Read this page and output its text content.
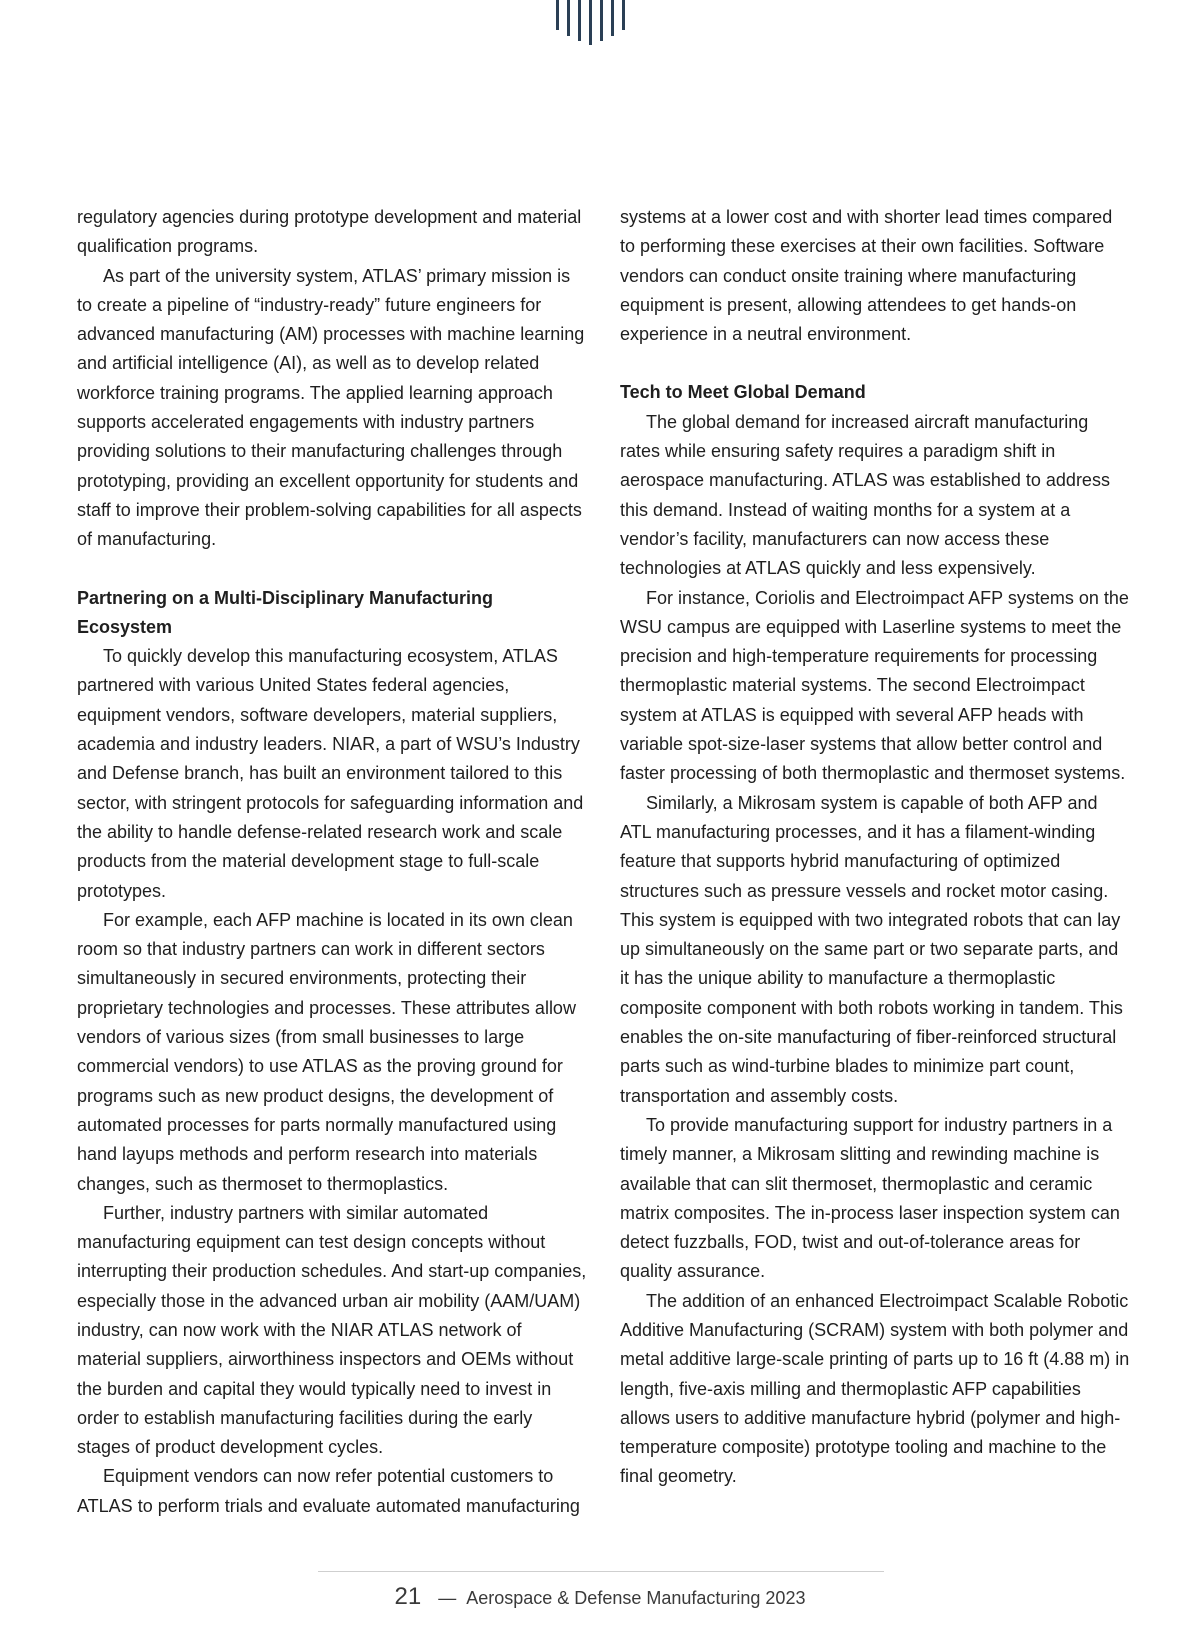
regulatory agencies during prototype development and material qualification programs.

As part of the university system, ATLAS’ primary mission is to create a pipeline of “industry-ready” future engineers for advanced manufacturing (AM) processes with machine learning and artificial intelligence (AI), as well as to develop related workforce training programs. The applied learning approach supports accelerated engagements with industry partners providing solutions to their manufacturing challenges through prototyping, providing an excellent opportunity for students and staff to improve their problem-solving capabilities for all aspects of manufacturing.

Partnering on a Multi-Disciplinary Manufacturing Ecosystem

To quickly develop this manufacturing ecosystem, ATLAS partnered with various United States federal agencies, equipment vendors, software developers, material suppliers, academia and industry leaders. NIAR, a part of WSU’s Industry and Defense branch, has built an environment tailored to this sector, with stringent protocols for safeguarding information and the ability to handle defense-related research work and scale products from the material development stage to full-scale prototypes.

For example, each AFP machine is located in its own clean room so that industry partners can work in different sectors simultaneously in secured environments, protecting their proprietary technologies and processes. These attributes allow vendors of various sizes (from small businesses to large commercial vendors) to use ATLAS as the proving ground for programs such as new product designs, the development of automated processes for parts normally manufactured using hand layups methods and perform research into materials changes, such as thermoset to thermoplastics.

Further, industry partners with similar automated manufacturing equipment can test design concepts without interrupting their production schedules. And start-up companies, especially those in the advanced urban air mobility (AAM/UAM) industry, can now work with the NIAR ATLAS network of material suppliers, airworthiness inspectors and OEMs without the burden and capital they would typically need to invest in order to establish manufacturing facilities during the early stages of product development cycles.

Equipment vendors can now refer potential customers to ATLAS to perform trials and evaluate automated manufacturing

systems at a lower cost and with shorter lead times compared to performing these exercises at their own facilities. Software vendors can conduct onsite training where manufacturing equipment is present, allowing attendees to get hands-on experience in a neutral environment.

Tech to Meet Global Demand

The global demand for increased aircraft manufacturing rates while ensuring safety requires a paradigm shift in aerospace manufacturing. ATLAS was established to address this demand. Instead of waiting months for a system at a vendor’s facility, manufacturers can now access these technologies at ATLAS quickly and less expensively.

For instance, Coriolis and Electroimpact AFP systems on the WSU campus are equipped with Laserline systems to meet the precision and high-temperature requirements for processing thermoplastic material systems. The second Electroimpact system at ATLAS is equipped with several AFP heads with variable spot-size-laser systems that allow better control and faster processing of both thermoplastic and thermoset systems.

Similarly, a Mikrosam system is capable of both AFP and ATL manufacturing processes, and it has a filament-winding feature that supports hybrid manufacturing of optimized structures such as pressure vessels and rocket motor casing. This system is equipped with two integrated robots that can lay up simultaneously on the same part or two separate parts, and it has the unique ability to manufacture a thermoplastic composite component with both robots working in tandem. This enables the on-site manufacturing of fiber-reinforced structural parts such as wind-turbine blades to minimize part count, transportation and assembly costs.

To provide manufacturing support for industry partners in a timely manner, a Mikrosam slitting and rewinding machine is available that can slit thermoset, thermoplastic and ceramic matrix composites. The in-process laser inspection system can detect fuzzballs, FOD, twist and out-of-tolerance areas for quality assurance.

The addition of an enhanced Electroimpact Scalable Robotic Additive Manufacturing (SCRAM) system with both polymer and metal additive large-scale printing of parts up to 16 ft (4.88 m) in length, five-axis milling and thermoplastic AFP capabilities allows users to additive manufacture hybrid (polymer and high-temperature composite) prototype tooling and machine to the final geometry.

21 — Aerospace & Defense Manufacturing 2023
